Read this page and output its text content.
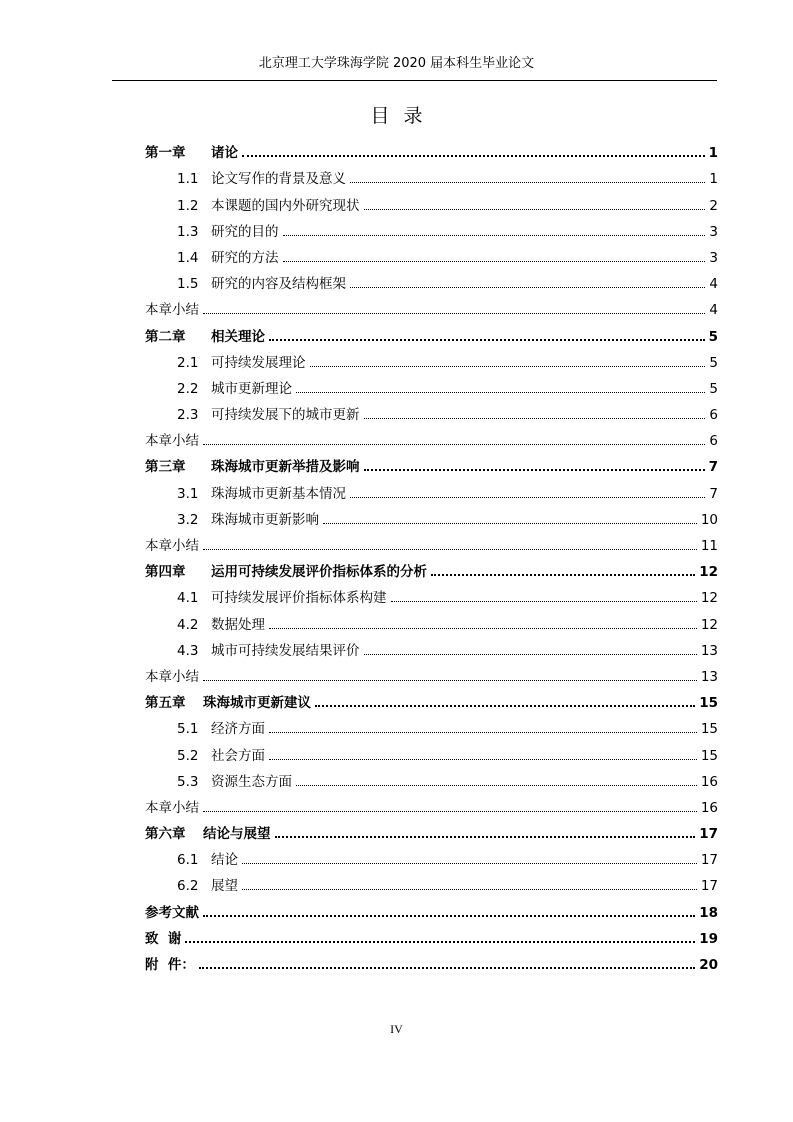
北京理工大学珠海学院 2020 届本科生毕业论文
目录
第一章	诸论	1
1.1 论文写作的背景及意义	1
1.2 本课题的国内外研究现状	2
1.3 研究的目的	3
1.4 研究的方法	3
1.5 研究的内容及结构框架	4
本章小结	4
第二章	相关理论	5
2.1 可持续发展理论	5
2.2 城市更新理论	5
2.3 可持续发展下的城市更新	6
本章小结	6
第三章	珠海城市更新举措及影响	7
3.1 珠海城市更新基本情况	7
3.2 珠海城市更新影响	10
本章小结	11
第四章	运用可持续发展评价指标体系的分析	12
4.1 可持续发展评价指标体系构建	12
4.2 数据处理	12
4.3 城市可持续发展结果评价	13
本章小结	13
第五章	珠海城市更新建议	15
5.1 经济方面	15
5.2 社会方面	15
5.3 资源生态方面	16
本章小结	16
第六章	结论与展望	17
6.1 结论	17
6.2 展望	17
参考文献	18
致  谢	19
附  件：	20
IV
